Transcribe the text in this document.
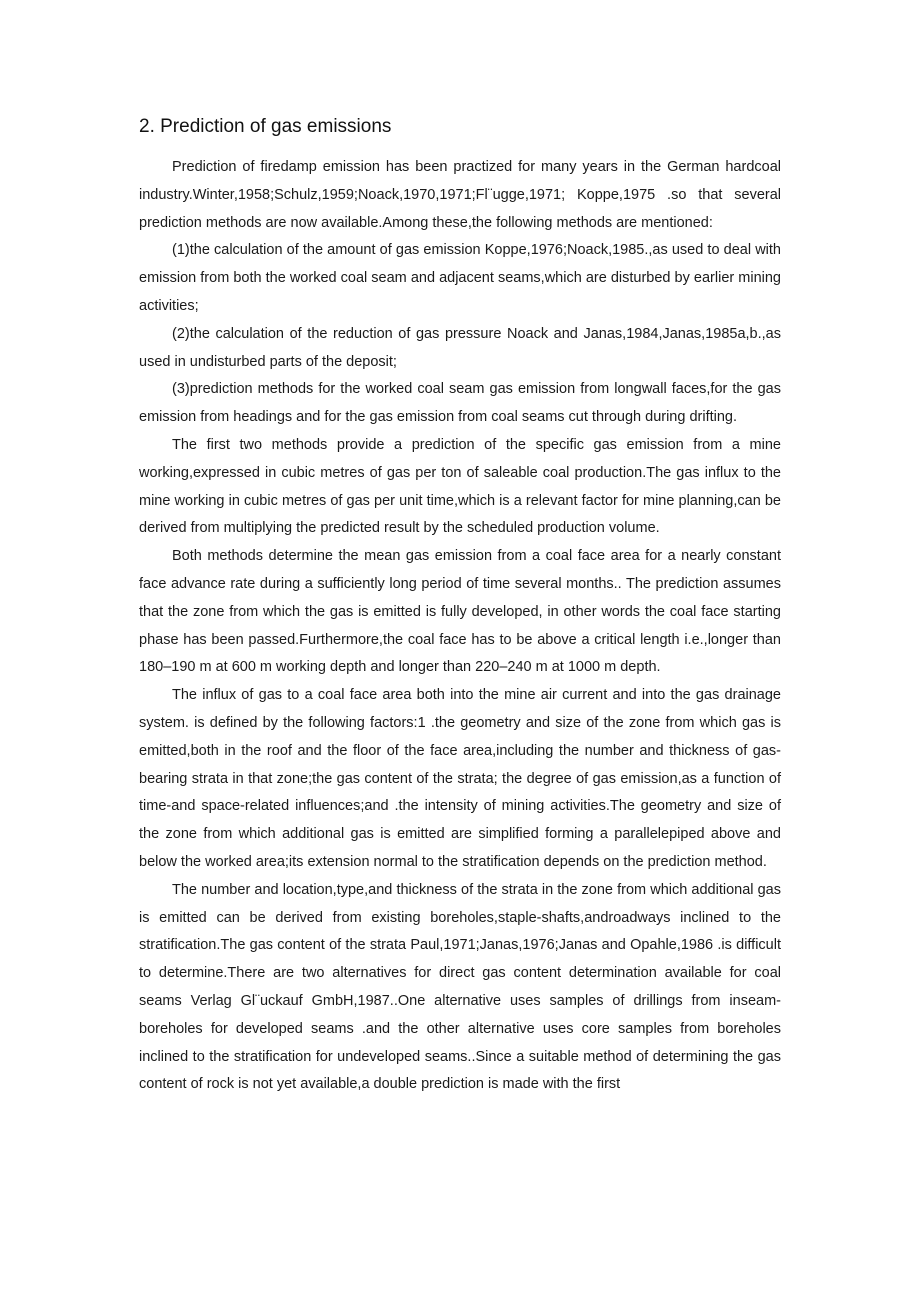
2. Prediction of gas emissions

Prediction of firedamp emission has been practized for many years in the German hardcoal industry.Winter,1958;Schulz,1959;Noack,1970,1971;Fl¨ugge,1971; Koppe,1975 .so that several prediction methods are now available.Among these,the following methods are mentioned:

(1)the calculation of the amount of gas emission Koppe,1976;Noack,1985.,as used to deal with emission from both the worked coal seam and adjacent seams,which are disturbed by earlier mining activities;

(2)the calculation of the reduction of gas pressure Noack and Janas,1984,Janas,1985a,b.,as used in undisturbed parts of the deposit;

(3)prediction methods for the worked coal seam gas emission from longwall faces,for the gas emission from headings and for the gas emission from coal seams cut through during drifting.

The first two methods provide a prediction of the specific gas emission from a mine working,expressed in cubic metres of gas per ton of saleable coal production.The gas influx to the mine working in cubic metres of gas per unit time,which is a relevant factor for mine planning,can be derived from multiplying the predicted result by the scheduled production volume.

Both methods determine the mean gas emission from a coal face area for a nearly constant face advance rate during a sufficiently long period of time several months.. The prediction assumes that the zone from which the gas is emitted is fully developed, in other words the coal face starting phase has been passed.Furthermore,the coal face has to be above a critical length i.e.,longer than 180–190 m at 600 m working depth and longer than 220–240 m at 1000 m depth.

The influx of gas to a coal face area both into the mine air current and into the gas drainage system. is defined by the following factors:1 .the geometry and size of the zone from which gas is emitted,both in the roof and the floor of the face area,including the number and thickness of gas-bearing strata in that zone;the gas content of the strata; the degree of gas emission,as a function of time-and space-related influences;and .the intensity of mining activities.The geometry and size of the zone from which additional gas is emitted are simplified forming a parallelepiped above and below the worked area;its extension normal to the stratification depends on the prediction method.

The number and location,type,and thickness of the strata in the zone from which additional gas is emitted can be derived from existing boreholes,staple-shafts,androadways inclined to the stratification.The gas content of the strata Paul,1971;Janas,1976;Janas and Opahle,1986 .is difficult to determine.There are two alternatives for direct gas content determination available for coal seams Verlag Gl¨uckauf GmbH,1987..One alternative uses samples of drillings from inseam-boreholes for developed seams .and the other alternative uses core samples from boreholes inclined to the stratification for undeveloped seams..Since a suitable method of determining the gas content of rock is not yet available,a double prediction is made with the first
